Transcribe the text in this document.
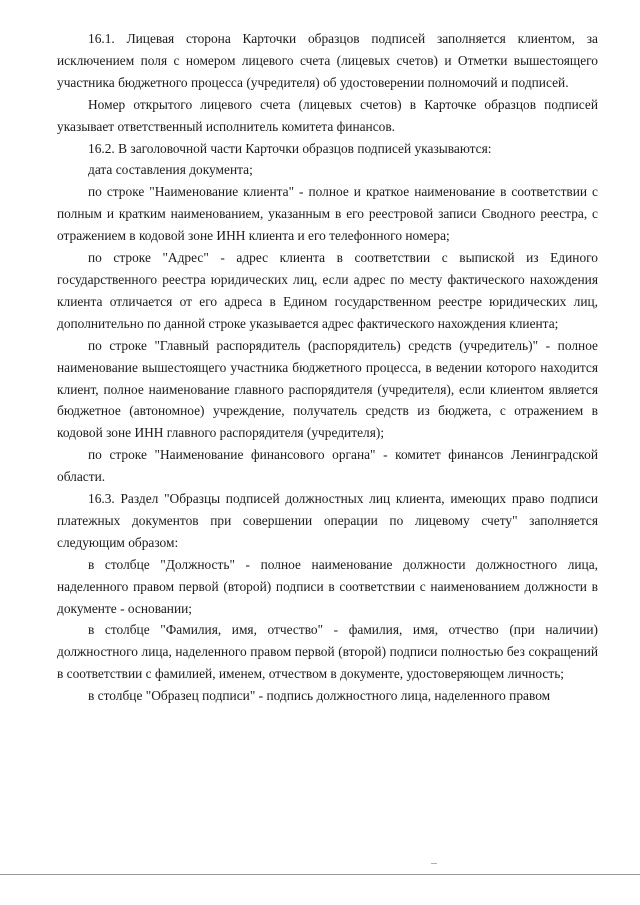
16.1. Лицевая сторона Карточки образцов подписей заполняется клиентом, за исключением поля с номером лицевого счета (лицевых счетов) и Отметки вышестоящего участника бюджетного процесса (учредителя) об удостоверении полномочий и подписей.

Номер открытого лицевого счета (лицевых счетов) в Карточке образцов подписей указывает ответственный исполнитель комитета финансов.

16.2. В заголовочной части Карточки образцов подписей указываются:

дата составления документа;

по строке "Наименование клиента" - полное и краткое наименование в соответствии с полным и кратким наименованием, указанным в его реестровой записи Сводного реестра, с отражением в кодовой зоне ИНН клиента и его телефонного номера;

по строке "Адрес" - адрес клиента в соответствии с выпиской из Единого государственного реестра юридических лиц, если адрес по месту фактического нахождения клиента отличается от его адреса в Едином государственном реестре юридических лиц, дополнительно по данной строке указывается адрес фактического нахождения клиента;

по строке "Главный распорядитель (распорядитель) средств (учредитель)" - полное наименование вышестоящего участника бюджетного процесса, в ведении которого находится клиент, полное наименование главного распорядителя (учредителя), если клиентом является бюджетное (автономное) учреждение, получатель средств из бюджета, с отражением в кодовой зоне ИНН главного распорядителя (учредителя);

по строке "Наименование финансового органа" - комитет финансов Ленинградской области.

16.3. Раздел "Образцы подписей должностных лиц клиента, имеющих право подписи платежных документов при совершении операции по лицевому счету" заполняется следующим образом:

в столбце "Должность" - полное наименование должности должностного лица, наделенного правом первой (второй) подписи в соответствии с наименованием должности в документе - основании;

в столбце "Фамилия, имя, отчество" - фамилия, имя, отчество (при наличии) должностного лица, наделенного правом первой (второй) подписи полностью без сокращений в соответствии с фамилией, именем, отчеством в документе, удостоверяющем личность;

в столбце "Образец подписи" - подпись должностного лица, наделенного правом
